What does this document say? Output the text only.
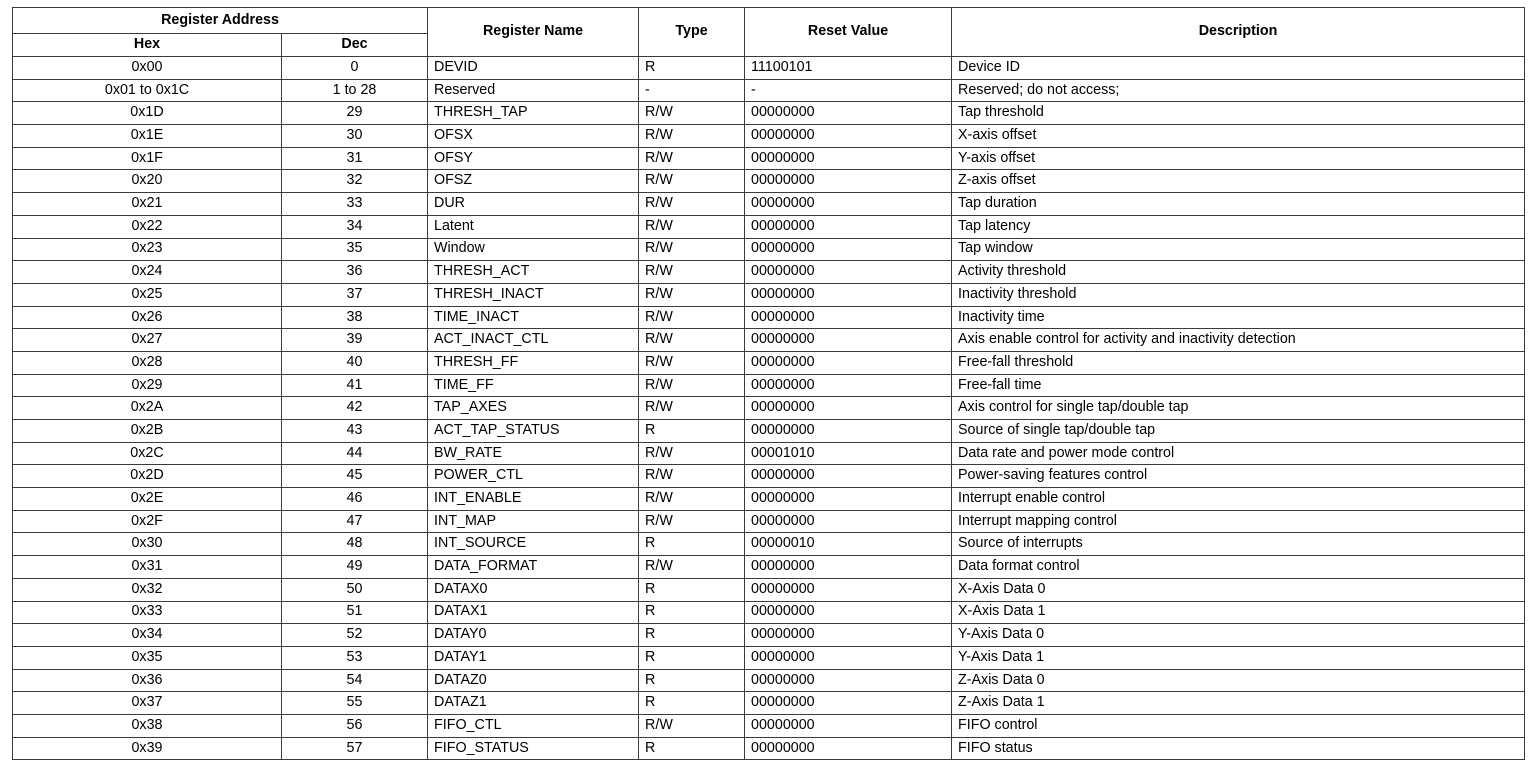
Register Address		Register Name	Type	Reset Value	Description
Hex	Dec				
0x00	0	DEVID	R	11100101	Device ID
0x01 to 0x1C	1 to 28	Reserved	-	-	Reserved; do not access;
0x1D	29	THRESH_TAP	R/W	00000000	Tap threshold
0x1E	30	OFSX	R/W	00000000	X-axis offset
0x1F	31	OFSY	R/W	00000000	Y-axis offset
0x20	32	OFSZ	R/W	00000000	Z-axis offset
0x21	33	DUR	R/W	00000000	Tap duration
0x22	34	Latent	R/W	00000000	Tap latency
0x23	35	Window	R/W	00000000	Tap window
0x24	36	THRESH_ACT	R/W	00000000	Activity threshold
0x25	37	THRESH_INACT	R/W	00000000	Inactivity threshold
0x26	38	TIME_INACT	R/W	00000000	Inactivity time
0x27	39	ACT_INACT_CTL	R/W	00000000	Axis enable control for activity and inactivity detection
0x28	40	THRESH_FF	R/W	00000000	Free-fall threshold
0x29	41	TIME_FF	R/W	00000000	Free-fall time
0x2A	42	TAP_AXES	R/W	00000000	Axis control for single tap/double tap
0x2B	43	ACT_TAP_STATUS	R	00000000	Source of single tap/double tap
0x2C	44	BW_RATE	R/W	00001010	Data rate and power mode control
0x2D	45	POWER_CTL	R/W	00000000	Power-saving features control
0x2E	46	INT_ENABLE	R/W	00000000	Interrupt enable control
0x2F	47	INT_MAP	R/W	00000000	Interrupt mapping control
0x30	48	INT_SOURCE	R	00000010	Source of interrupts
0x31	49	DATA_FORMAT	R/W	00000000	Data format control
0x32	50	DATAX0	R	00000000	X-Axis Data 0
0x33	51	DATAX1	R	00000000	X-Axis Data 1
0x34	52	DATAY0	R	00000000	Y-Axis Data 0
0x35	53	DATAY1	R	00000000	Y-Axis Data 1
0x36	54	DATAZ0	R	00000000	Z-Axis Data 0
0x37	55	DATAZ1	R	00000000	Z-Axis Data 1
0x38	56	FIFO_CTL	R/W	00000000	FIFO control
0x39	57	FIFO_STATUS	R	00000000	FIFO status
